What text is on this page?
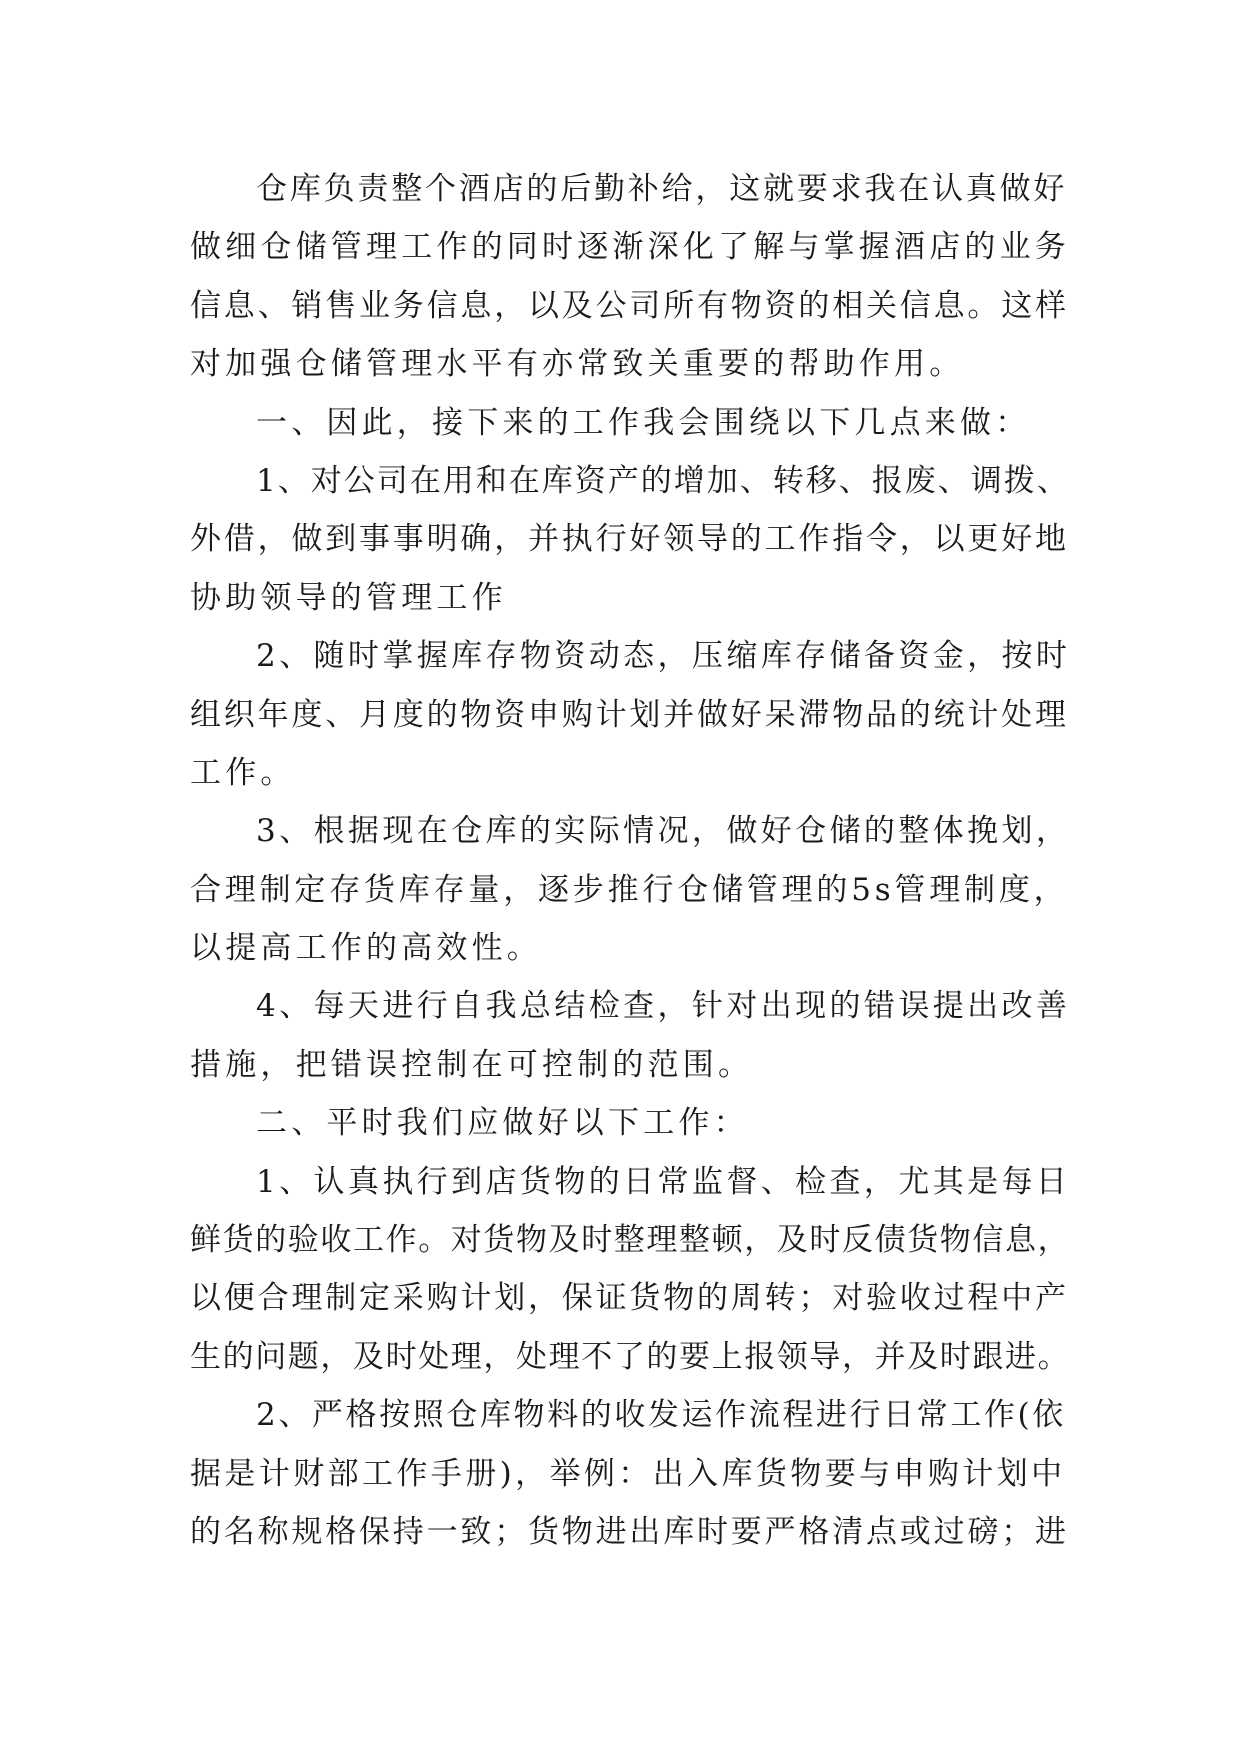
仓库负责整个酒店的后勤补给，这就要求我在认真做好
做细仓储管理工作的同时逐渐深化了解与掌握酒店的业务
信息、销售业务信息，以及公司所有物资的相关信息。这样
对加强仓储管理水平有亦常致关重要的帮助作用。
一、因此，接下来的工作我会围绕以下几点来做：
1、对公司在用和在库资产的增加、转移、报废、调拨、
外借，做到事事明确，并执行好领导的工作指令，以更好地
协助领导的管理工作
2、随时掌握库存物资动态，压缩库存储备资金，按时
组织年度、月度的物资申购计划并做好呆滞物品的统计处理
工作。
3、根据现在仓库的实际情况，做好仓储的整体挽划，
合理制定存货库存量，逐步推行仓储管理的5s管理制度，
以提高工作的高效性。
4、每天进行自我总结检查，针对出现的错误提出改善
措施，把错误控制在可控制的范围。
二、平时我们应做好以下工作：
1、认真执行到店货物的日常监督、检查，尤其是每日
鲜货的验收工作。对货物及时整理整顿，及时反债货物信息，
以便合理制定采购计划，保证货物的周转；对验收过程中产
生的问题，及时处理，处理不了的要上报领导，并及时跟进。
2、严格按照仓库物料的收发运作流程进行日常工作(依
据是计财部工作手册)，举例：出入库货物要与申购计划中
的名称规格保持一致；货物进出库时要严格清点或过磅；进
